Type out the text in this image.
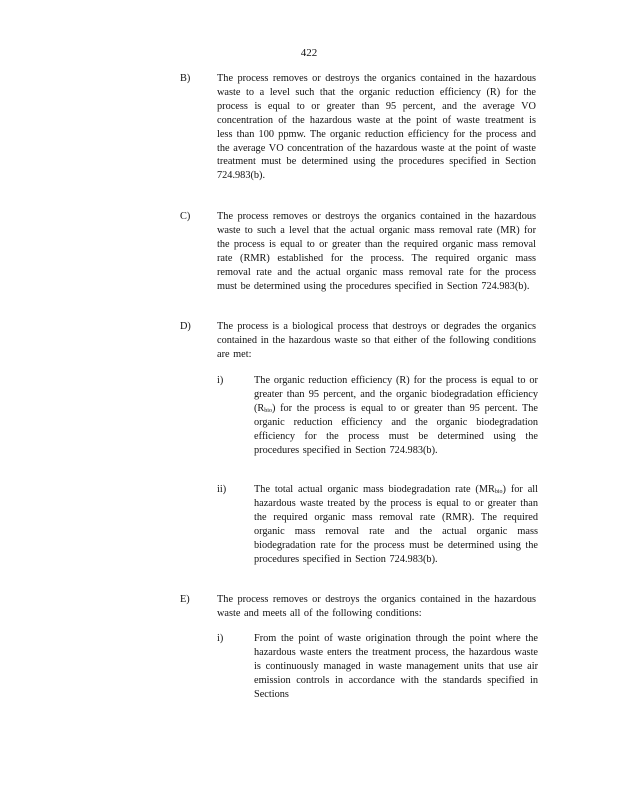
422
B)	The process removes or destroys the organics contained in the hazardous waste to a level such that the organic reduction efficiency (R) for the process is equal to or greater than 95 percent, and the average VO concentration of the hazardous waste at the point of waste treatment is less than 100 ppmw. The organic reduction efficiency for the process and the average VO concentration of the hazardous waste at the point of waste treatment must be determined using the procedures specified in Section 724.983(b).
C)	The process removes or destroys the organics contained in the hazardous waste to such a level that the actual organic mass removal rate (MR) for the process is equal to or greater than the required organic mass removal rate (RMR) established for the process. The required organic mass removal rate and the actual organic mass removal rate for the process must be determined using the procedures specified in Section 724.983(b).
D)	The process is a biological process that destroys or degrades the organics contained in the hazardous waste so that either of the following conditions are met:
i)	The organic reduction efficiency (R) for the process is equal to or greater than 95 percent, and the organic biodegradation efficiency $(R_{bio})$ for the process is equal to or greater than 95 percent. The organic reduction efficiency and the organic biodegradation efficiency for the process must be determined using the procedures specified in Section 724.983(b).
ii)	The total actual organic mass biodegradation rate $(MR_{bio})$ for all hazardous waste treated by the process is equal to or greater than the required organic mass removal rate (RMR). The required organic mass removal rate and the actual organic mass biodegradation rate for the process must be determined using the procedures specified in Section 724.983(b).
E)	The process removes or destroys the organics contained in the hazardous waste and meets all of the following conditions:
i)	From the point of waste origination through the point where the hazardous waste enters the treatment process, the hazardous waste is continuously managed in waste management units that use air emission controls in accordance with the standards specified in Sections
